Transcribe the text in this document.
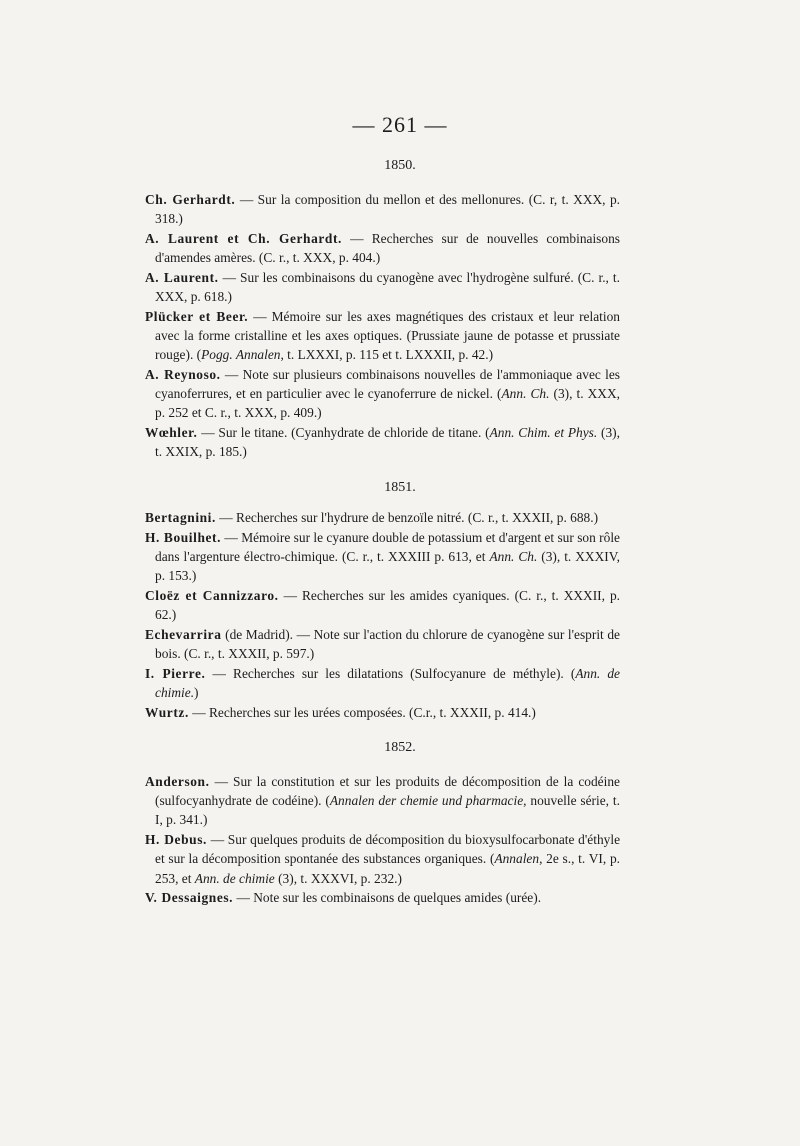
— 261 —
1850.

Ch. Gerhardt. — Sur la composition du mellon et des mellonures. (C. r, t. XXX, p. 318.)

A. Laurent et Ch. Gerhardt. — Recherches sur de nouvelles combinaisons d'amendes amères. (C. r., t. XXX, p. 404.)

A. Laurent. — Sur les combinaisons du cyanogène avec l'hydrogène sulfuré. (C. r., t. XXX, p. 618.)

Plücker et Beer. — Mémoire sur les axes magnétiques des cristaux et leur relation avec la forme cristalline et les axes optiques. (Prussiate jaune de potasse et prussiate rouge). (Pogg. Annalen, t. LXXXI, p. 115 et t. LXXXII, p. 42.)

A. Reynoso. — Note sur plusieurs combinaisons nouvelles de l'ammoniaque avec les cyanoferrures, et en particulier avec le cyanoferrure de nickel. (Ann. Ch. (3), t. XXX, p. 252 et C. r., t. XXX, p. 409.)

Wœhler. — Sur le titane. (Cyanhydrate de chloride de titane. (Ann. Chim. et Phys. (3), t. XXIX, p. 185.)

1851.

Bertagnini. — Recherches sur l'hydrure de benzoïle nitré. (C. r., t. XXXII, p. 688.)

H. Bouilhet. — Mémoire sur le cyanure double de potassium et d'argent et sur son rôle dans l'argenture électro-chimique. (C. r., t. XXXIII p. 613, et Ann. Ch. (3), t. XXXIV, p. 153.)

Cloëz et Cannizzaro. — Recherches sur les amides cyaniques. (C. r., t. XXXII, p. 62.)

Echevarrira (de Madrid). — Note sur l'action du chlorure de cyanogène sur l'esprit de bois. (C. r., t. XXXII, p. 597.)

I. Pierre. — Recherches sur les dilatations (Sulfocyanure de méthyle). (Ann. de chimie.)

Wurtz. — Recherches sur les urées composées. (C.r., t. XXXII, p. 414.)

1852.

Anderson. — Sur la constitution et sur les produits de décomposition de la codéine (sulfocyanhydrate de codéine). (Annalen der chemie und pharmacie, nouvelle série, t. I, p. 341.)

H. Debus. — Sur quelques produits de décomposition du bioxysulfocarbonate d'éthyle et sur la décomposition spontanée des substances organiques. (Annalen, 2e s., t. VI, p. 253, et Ann. de chimie (3), t. XXXVI, p. 232.)

V. Dessaignes. — Note sur les combinaisons de quelques amides (urée).
